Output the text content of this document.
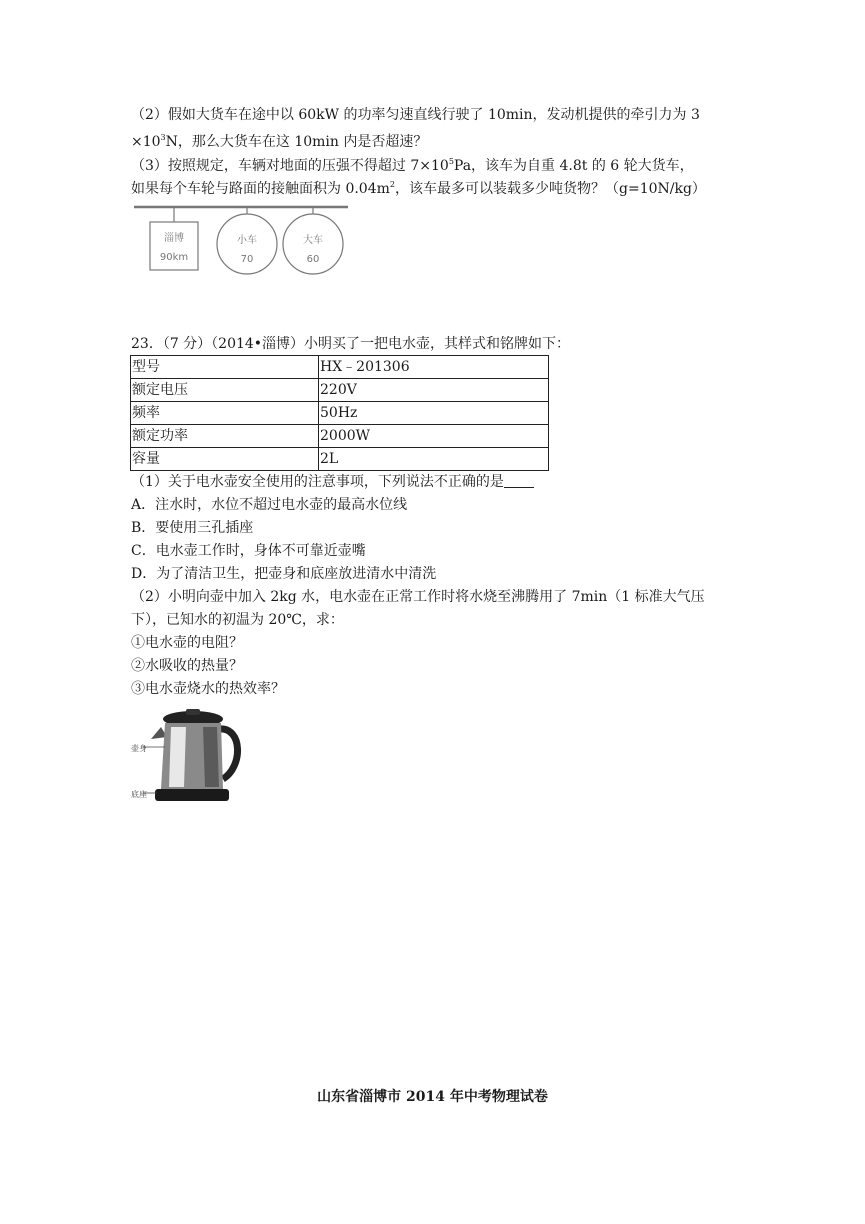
（2）假如大货车在途中以 60kW 的功率匀速直线行驶了 10min，发动机提供的牵引力为 3
$\times 10^3N$，那么大货车在这 10min 内是否超速？
（3）按照规定，车辆对地面的压强不得超过 $7\times 10^5Pa$，该车为自重 4.8t 的 6 轮大货车，
如果每个车轮与路面的接触面积为 $0.04m^2$，该车最多可以装载多少吨货物？（g=10N/kg）
淄博
90km
小车
70
大车
60
23．（7 分）（2014•淄博）小明买了一把电水壶，其样式和铭牌如下：
型号	HX﹣201306
额定电压	220V
频率	50Hz
额定功率	2000W
容量	2L
（1）关于电水壶安全使用的注意事项，下列说法不正确的是
A．注水时，水位不超过电水壶的最高水位线
B．要使用三孔插座
C．电水壶工作时，身体不可靠近壶嘴
D．为了清洁卫生，把壶身和底座放进清水中清洗
（2）小明向壶中加入 2kg 水，电水壶在正常工作时将水烧至沸腾用了 7min（1 标准大气压
下），已知水的初温为 20℃，求：
①电水壶的电阻？
②水吸收的热量？
③电水壶烧水的热效率？
壶身
底座
山东省淄博市 2014 年中考物理试卷
